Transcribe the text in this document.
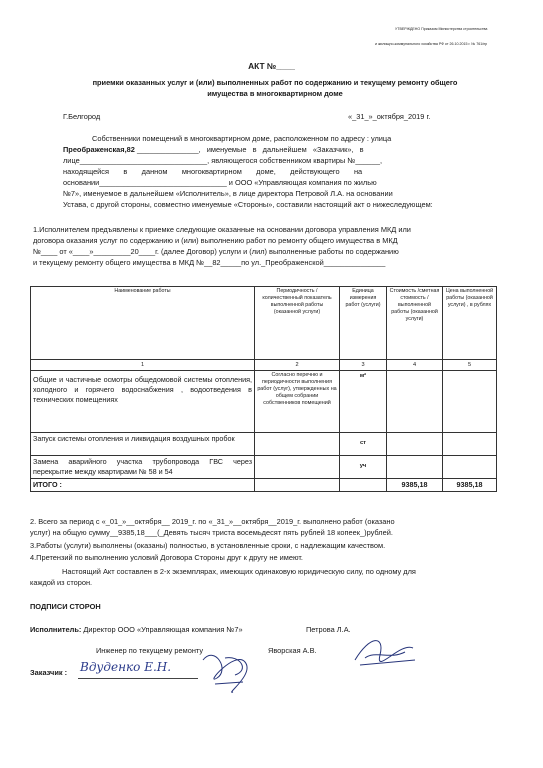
УТВЕРЖДЕНО Приказом Министерства строительства
и жилищно-коммунального хозяйства РФ от 26.10.2015 г. № 761/пр
АКТ №____
приемки оказанных услуг и (или) выполненных работ по содержанию и текущему ремонту общего
имущества в многоквартирном доме
Г.Белгород	«_31_»_октября_2019 г.
Собственники помещений в многоквартирном доме, расположенном по адресу : улица
Преображенская,82 _______________,   именуемые   в   дальнейшем   «Заказчик»,   в
лице_______________________________, являющегося собственником квартиры №______,
находящейся       в       данном       многоквартирном       доме,       действующего       на
основании_______________________________ и ООО «Управляющая компания по жилью
№7», именуемое в дальнейшем «Исполнитель», в лице директора Петровой Л.А. на основании
Устава, с другой стороны, совместно именуемые «Стороны», составили настоящий акт о нижеследующем:
1.Исполнителем предъявлены к приемке следующие оказанные на основании договора управления МКД или
договора оказания услуг по содержанию и (или) выполнению работ по ремонту общего имущества в МКД
№____ от «____»_________20____г. (далее Договор) услуги и (лил) выполненные работы по содержанию
и текущему ремонту общего имущества в МКД №__82_____по ул._Преображенской_______________
Наименование работы	Периодичность /количественный показатель выполненной работы (оказанной услуги)	Единица измерения работ (услуги)	Стоимость /сметная стоимость / выполненной работы (оказанной услуги)	Цена выполненной работы (оказанной услуги) , в рублях
1	2	3	4	5
Общие и частичные осмотры общедомовой системы отопления, холодного и горячего водоснабжения , водоотведения в технических помещениях	Согласно перечню и периодичности выполнения работ (услуг), утвержденных на общем собрании собственников помещений	м²		
Запуск системы отопления и ликвидация воздушных пробок		ст		
Замена аварийного участка трубопровода ГВС через перекрытие между квартирами № 58 и 54		уч		
ИТОГО :			9385,18	9385,18
2. Всего за период с «_01_»__октября__ 2019_г. по «_31_»__октября__2019_г. выполнено работ (оказано
услуг) на общую сумму__9385,18___(_Девять тысяч триста восемьдесят пять рублей 18 копеек_)рублей.
3.Работы (услуги) выполнены (оказаны) полностью, в установленные сроки, с надлежащим качеством.
4.Претензий по выполнению условий Договора Стороны друг к другу не имеют.
Настоящий Акт составлен в 2-х экземплярах, имеющих одинаковую юридическую силу, по одному для
каждой из сторон.
ПОДПИСИ СТОРОН
Исполнитель: Директор ООО «Управляющая компания №7»	Петрова Л.А.
Инженер по текущему ремонту	Яворская А.В.
Заказчик : Вдуденко Е.Н.
